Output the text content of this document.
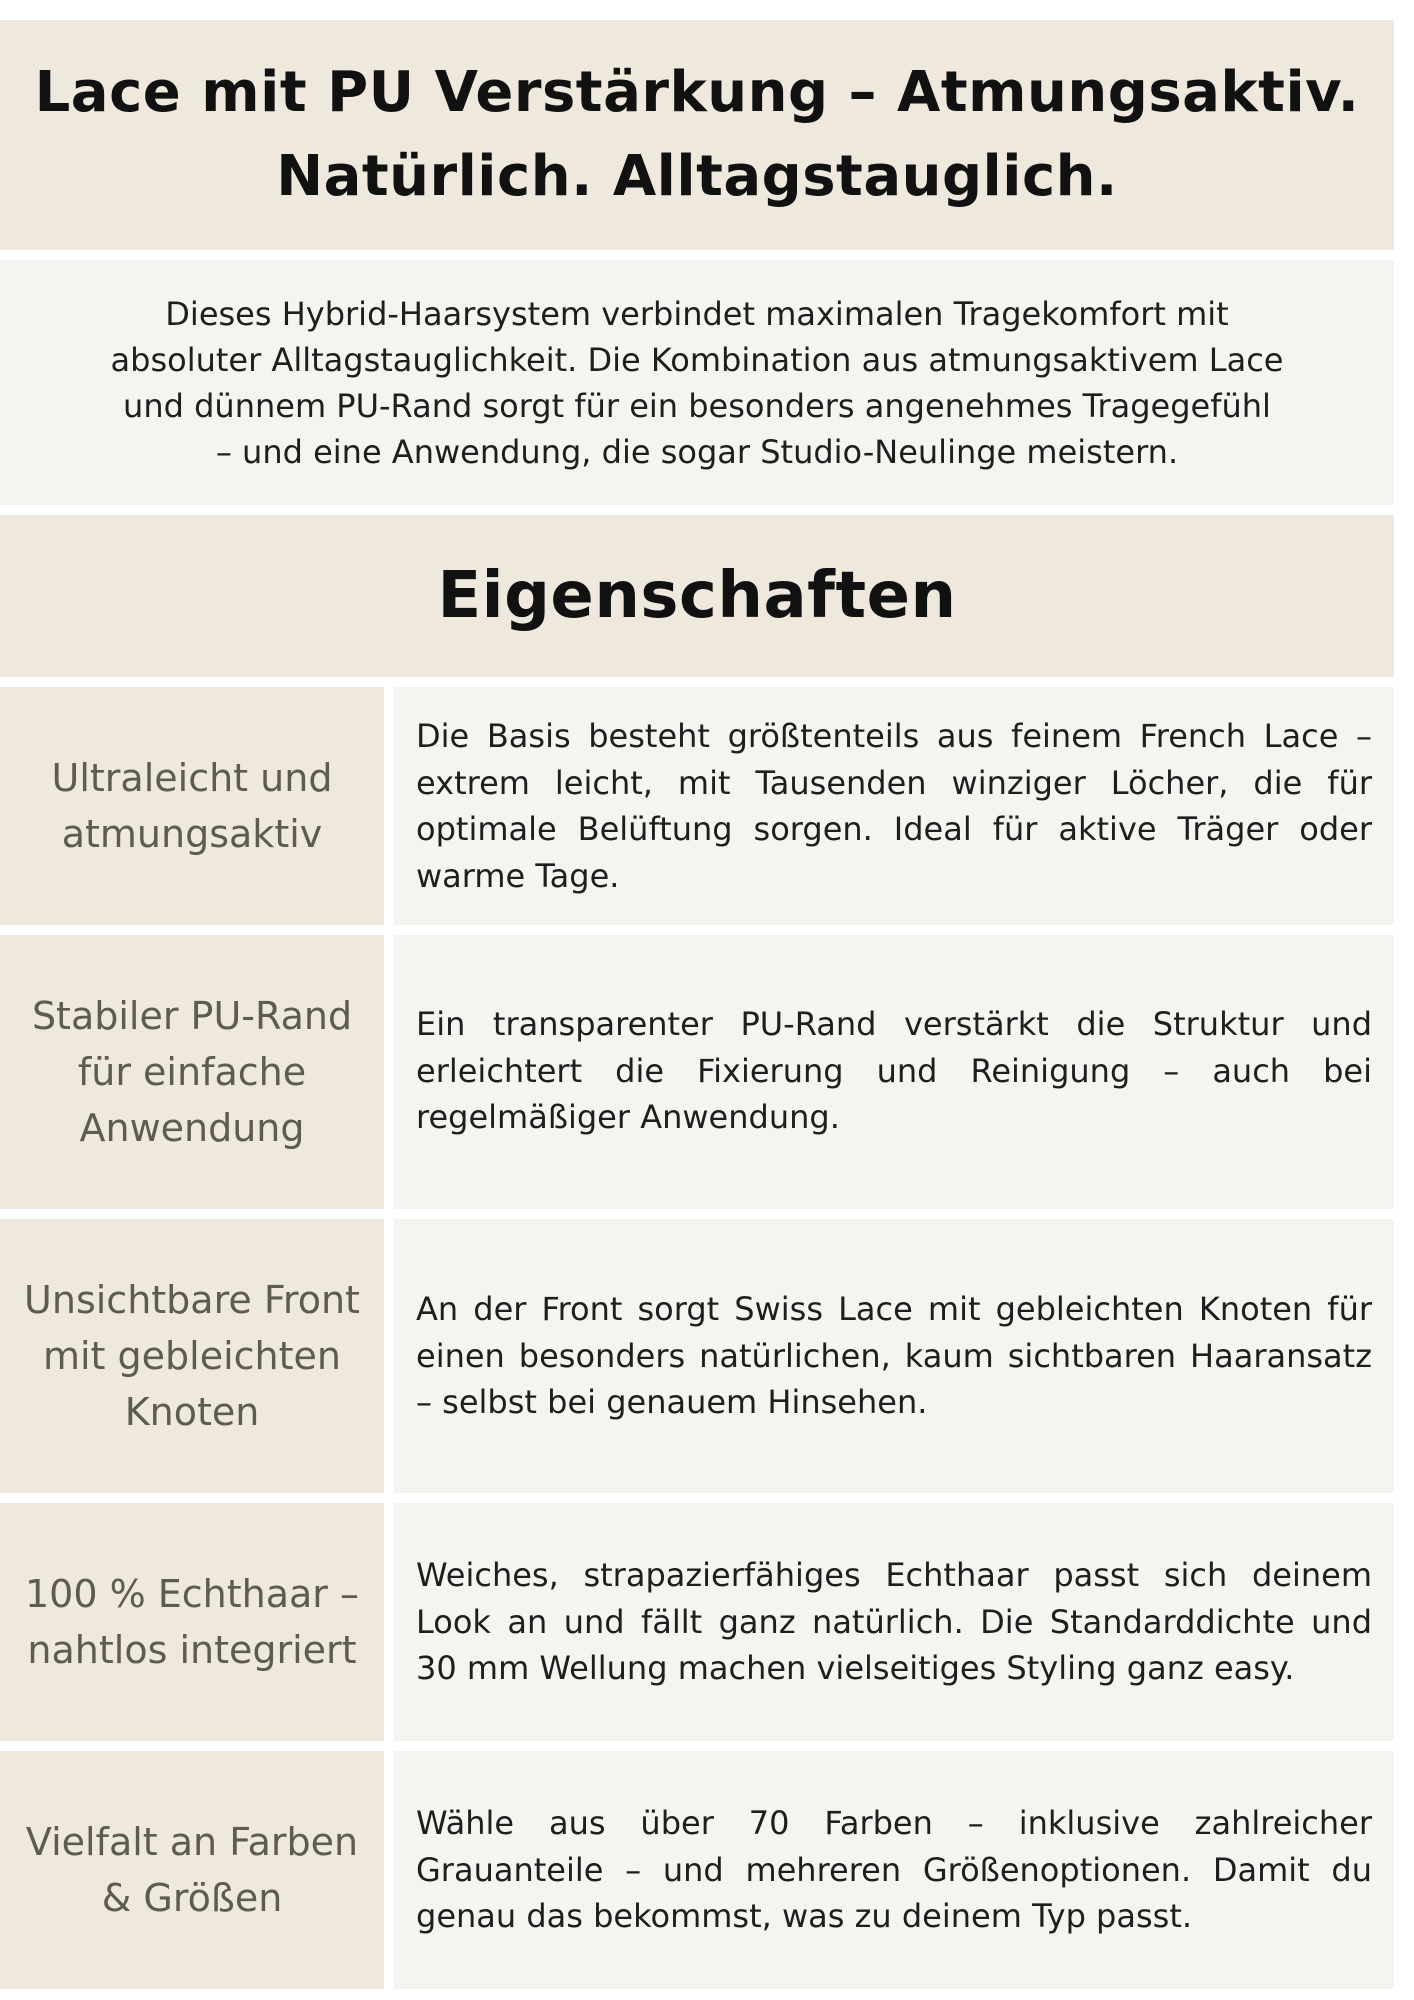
Lace mit PU Verstärkung – Atmungsaktiv.
Natürlich. Alltagstauglich.
Dieses Hybrid-Haarsystem verbindet maximalen Tragekomfort mit
absoluter Alltagstauglichkeit. Die Kombination aus atmungsaktivem Lace
und dünnem PU-Rand sorgt für ein besonders angenehmes Tragegefühl
– und eine Anwendung, die sogar Studio-Neulinge meistern.
Eigenschaften
Ultraleicht und atmungsaktiv
Die Basis besteht größtenteils aus feinem French Lace – extrem leicht, mit Tausenden winziger Löcher, die für optimale Belüftung sorgen. Ideal für aktive Träger oder warme Tage.
Stabiler PU-Rand für einfache Anwendung
Ein transparenter PU-Rand verstärkt die Struktur und erleichtert die Fixierung und Reinigung – auch bei regelmäßiger Anwendung.
Unsichtbare Front mit gebleichten Knoten
An der Front sorgt Swiss Lace mit gebleichten Knoten für einen besonders natürlichen, kaum sichtbaren Haaransatz – selbst bei genauem Hinsehen.
100 % Echthaar – nahtlos integriert
Weiches, strapazierfähiges Echthaar passt sich deinem Look an und fällt ganz natürlich. Die Standarddichte und 30 mm Wellung machen vielseitiges Styling ganz easy.
Vielfalt an Farben & Größen
Wähle aus über 70 Farben – inklusive zahlreicher Grauanteile – und mehreren Größenoptionen. Damit du genau das bekommst, was zu deinem Typ passt.
